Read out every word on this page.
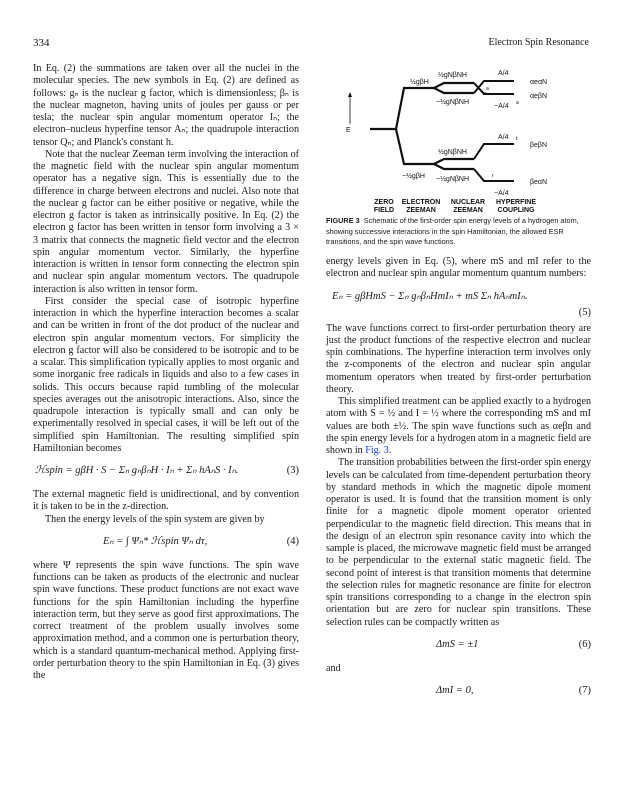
334	Electron Spin Resonance

In Eq. (2) the summations are taken over all the nuclei in the molecular species. The new symbols in Eq. (2) are defined as follows: gₙ is the nuclear g factor, which is dimensionless; βₙ is the nuclear magneton, having units of joules per gauss or per tesla; the nuclear spin angular momentum operator Iₙ; the electron–nucleus hyperfine tensor Aₙ; the quadrupole interaction tensor Qₙ; and Planck's constant h.

Note that the nuclear Zeeman term involving the interaction of the magnetic field with the nuclear spin angular momentum operator has a negative sign. This is essentially due to the difference in charge between electrons and nuclei. Also note that the nuclear g factor can be either positive or negative, while the electron g factor is taken as intrinsically positive. In Eq. (2) the electron g factor has been written in tensor form involving a 3 × 3 matrix that connects the magnetic field vector and the electron spin angular momentum vector. Similarly, the hyperfine interaction is written in tensor form connecting the electron spin and nuclear spin angular momentum vectors. The quadrupole interaction is also written in tensor form.

First consider the special case of isotropic hyperfine interaction in which the hyperfine interaction becomes a scalar and can be written in front of the dot product of the nuclear and electron spin angular momentum vectors. For simplicity the electron g factor will also be considered to be isotropic and to be a scalar. This simplification typically applies to most organic and some inorganic free radicals in liquids and also to a few cases in solids. This occurs because rapid tumbling of the molecular species averages out the anisotropic interactions. Also, since the quadrupole interaction is typically small and can only be experimentally resolved in special cases, it will be left out of the simplified spin Hamiltonian. The resulting simplified spin Hamiltonian becomes

ℋspin = gβH · S − Σₙ gₙβₙH · Iₙ + Σₙ hAₙS · Iₙ.	(3)

The external magnetic field is unidirectional, and by convention it is taken to be in the z-direction.

Then the energy levels of the spin system are given by

Eₙ = ∫ Ψₙ* ℋspin Ψₙ dτ,	(4)

where Ψ represents the spin wave functions. The spin wave functions can be taken as products of the electronic and nuclear spin wave functions. These product functions are not exact wave functions for the spin Hamiltonian including the hyperfine interaction term, but they serve as good first approximations. The correct treatment of the problem usually involves some approximation method, and a common one is perturbation theory, which is a standard quantum-mechanical method. Applying first-order perturbation theory to the spin Hamiltonian in Eq. (3) gives the

E
½gβH
−½gβH
½gNβNH
−½gNβNH
½gNβNH
−½gNβNH
A/4
−A/4
A/4
−A/4
a
a
t
r
αeαN
αeβN
βeβN
βeαN
ZERO
FIELD
ELECTRON
ZEEMAN
NUCLEAR
ZEEMAN
HYPERFINE
COUPLING
FIGURE 3 Schematic of the first-order spin energy levels of a hydrogen atom, showing successive interactions in the spin Hamiltonian, the allowed ESR transitions, and the spin wave functions.

energy levels given in Eq. (5), where mS and mI refer to the electron and nuclear spin angular momentum quantum numbers:

Eₙ = gβHmS − Σₙ gₙβₙHmIₙ + mS Σₙ hAₙmIₙ.
(5)

The wave functions correct to first-order perturbation theory are just the product functions of the respective electron and nuclear spin combinations. The hyperfine interaction term involves only the z-components of the electron and nuclear spin angular momentum operators when treated by first-order perturbation theory.

This simplified treatment can be applied exactly to a hydrogen atom with S = ½ and I = ½ where the corresponding mS and mI values are both ±½. The spin wave functions such as αeβn and the spin energy levels for a hydrogen atom in a magnetic field are shown in Fig. 3.

The transition probabilities between the first-order spin energy levels can be calculated from time-dependent perturbation theory by standard methods in which the magnetic dipole moment operator is used. It is found that the transition moment is only finite for a magnetic dipole moment operator oriented perpendicular to the magnetic field direction. This means that in the design of an electron spin resonance cavity into which the sample is placed, the microwave magnetic field must be arranged to be perpendicular to the external static magnetic field. The second point of interest is that transition moments that determine the selection rules for magnetic resonance are finite for electron spin transitions corresponding to a change in the electron spin orientation but are zero for nuclear spin transitions. These selection rules can be compactly written as

ΔmS = ±1	(6)

and

ΔmI = 0,	(7)
